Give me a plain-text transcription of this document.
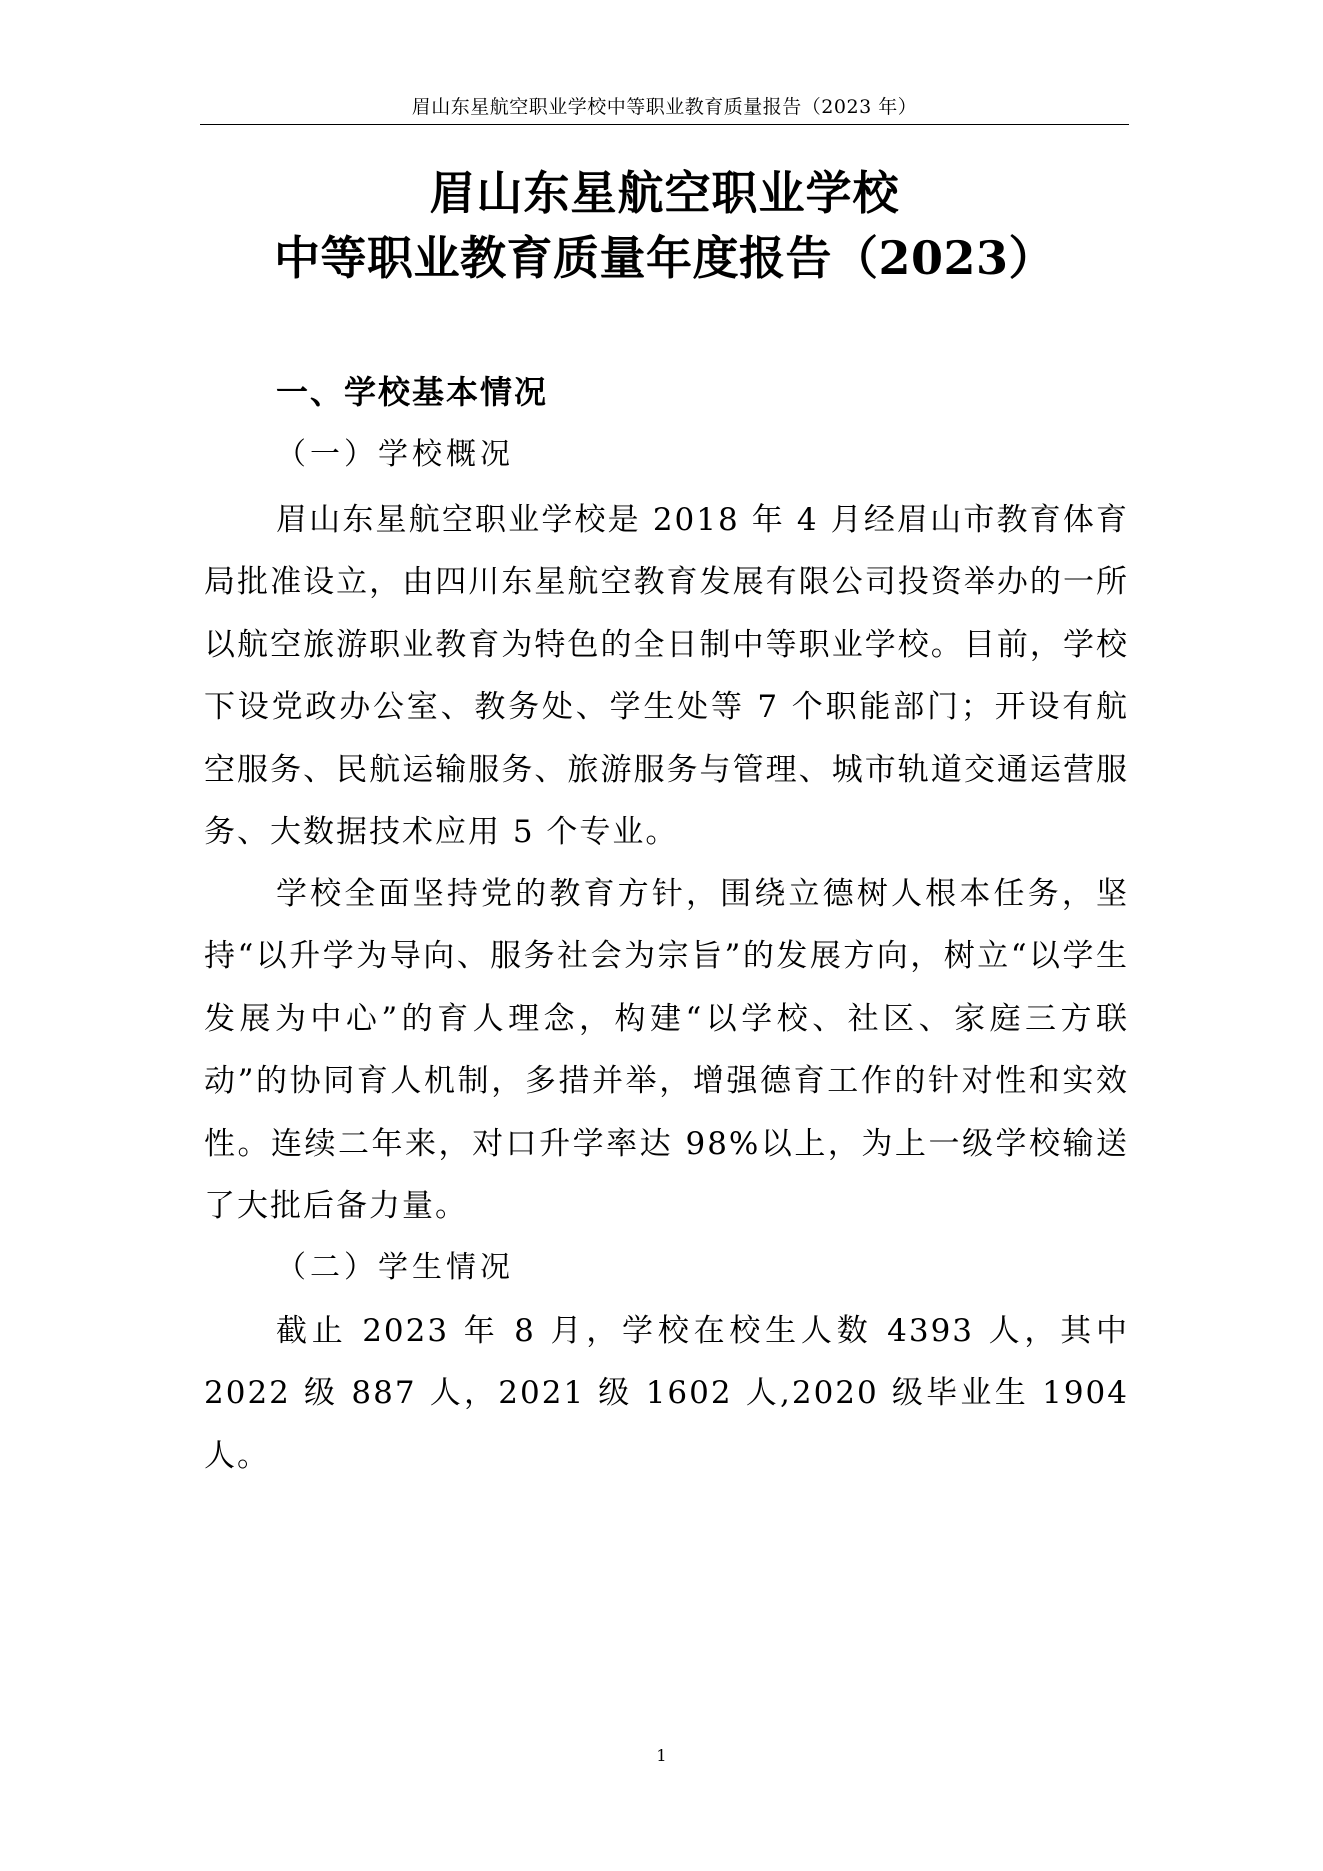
眉山东星航空职业学校中等职业教育质量报告（2023 年）
眉山东星航空职业学校
中等职业教育质量年度报告（2023）
一、学校基本情况
（一）学校概况

眉山东星航空职业学校是 2018 年 4 月经眉山市教育体育局批准设立，由四川东星航空教育发展有限公司投资举办的一所以航空旅游职业教育为特色的全日制中等职业学校。目前，学校下设党政办公室、教务处、学生处等 7 个职能部门；开设有航空服务、民航运输服务、旅游服务与管理、城市轨道交通运营服务、大数据技术应用 5 个专业。

学校全面坚持党的教育方针，围绕立德树人根本任务，坚持“以升学为导向、服务社会为宗旨”的发展方向，树立“以学生发展为中心”的育人理念，构建“以学校、社区、家庭三方联动”的协同育人机制，多措并举，增强德育工作的针对性和实效性。连续二年来，对口升学率达 98%以上，为上一级学校输送了大批后备力量。

（二）学生情况

截止 2023 年 8 月，学校在校生人数 4393 人，其中 2022 级 887 人，2021 级 1602 人,2020 级毕业生 1904 人。

1
